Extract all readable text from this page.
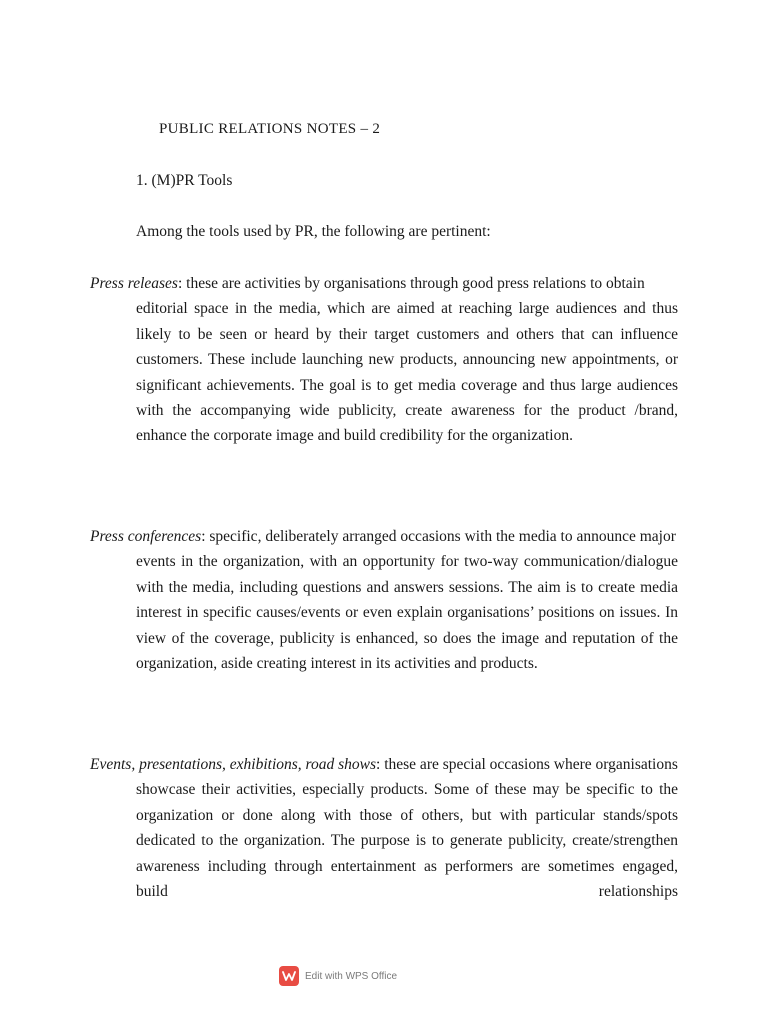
PUBLIC RELATIONS NOTES – 2
1. (M)PR Tools
Among the tools used by PR, the following are pertinent:
Press releases: these are activities by organisations through good press relations to obtain
editorial space in the media, which are aimed at reaching large audiences and thus likely to be seen or heard by their target customers and others that can influence customers. These include launching new products, announcing new appointments, or significant achievements. The goal is to get media coverage and thus large audiences with the accompanying wide publicity, create awareness for the product /brand, enhance the corporate image and build credibility for the organization.
Press conferences: specific, deliberately arranged occasions with the media to announce major
events in the organization, with an opportunity for two-way communication/dialogue with the media, including questions and answers sessions. The aim is to create media interest in specific causes/events or even explain organisations’ positions on issues. In view of the coverage, publicity is enhanced, so does the image and reputation of the organization, aside creating interest in its activities and products.
Events, presentations, exhibitions, road shows: these are special occasions where organisations
showcase their activities, especially products. Some of these may be specific to the organization or done along with those of others, but with particular stands/spots dedicated to the organization. The purpose is to generate publicity, create/strengthen awareness including through entertainment as performers are sometimes engaged, build relationships
Edit with WPS Office
